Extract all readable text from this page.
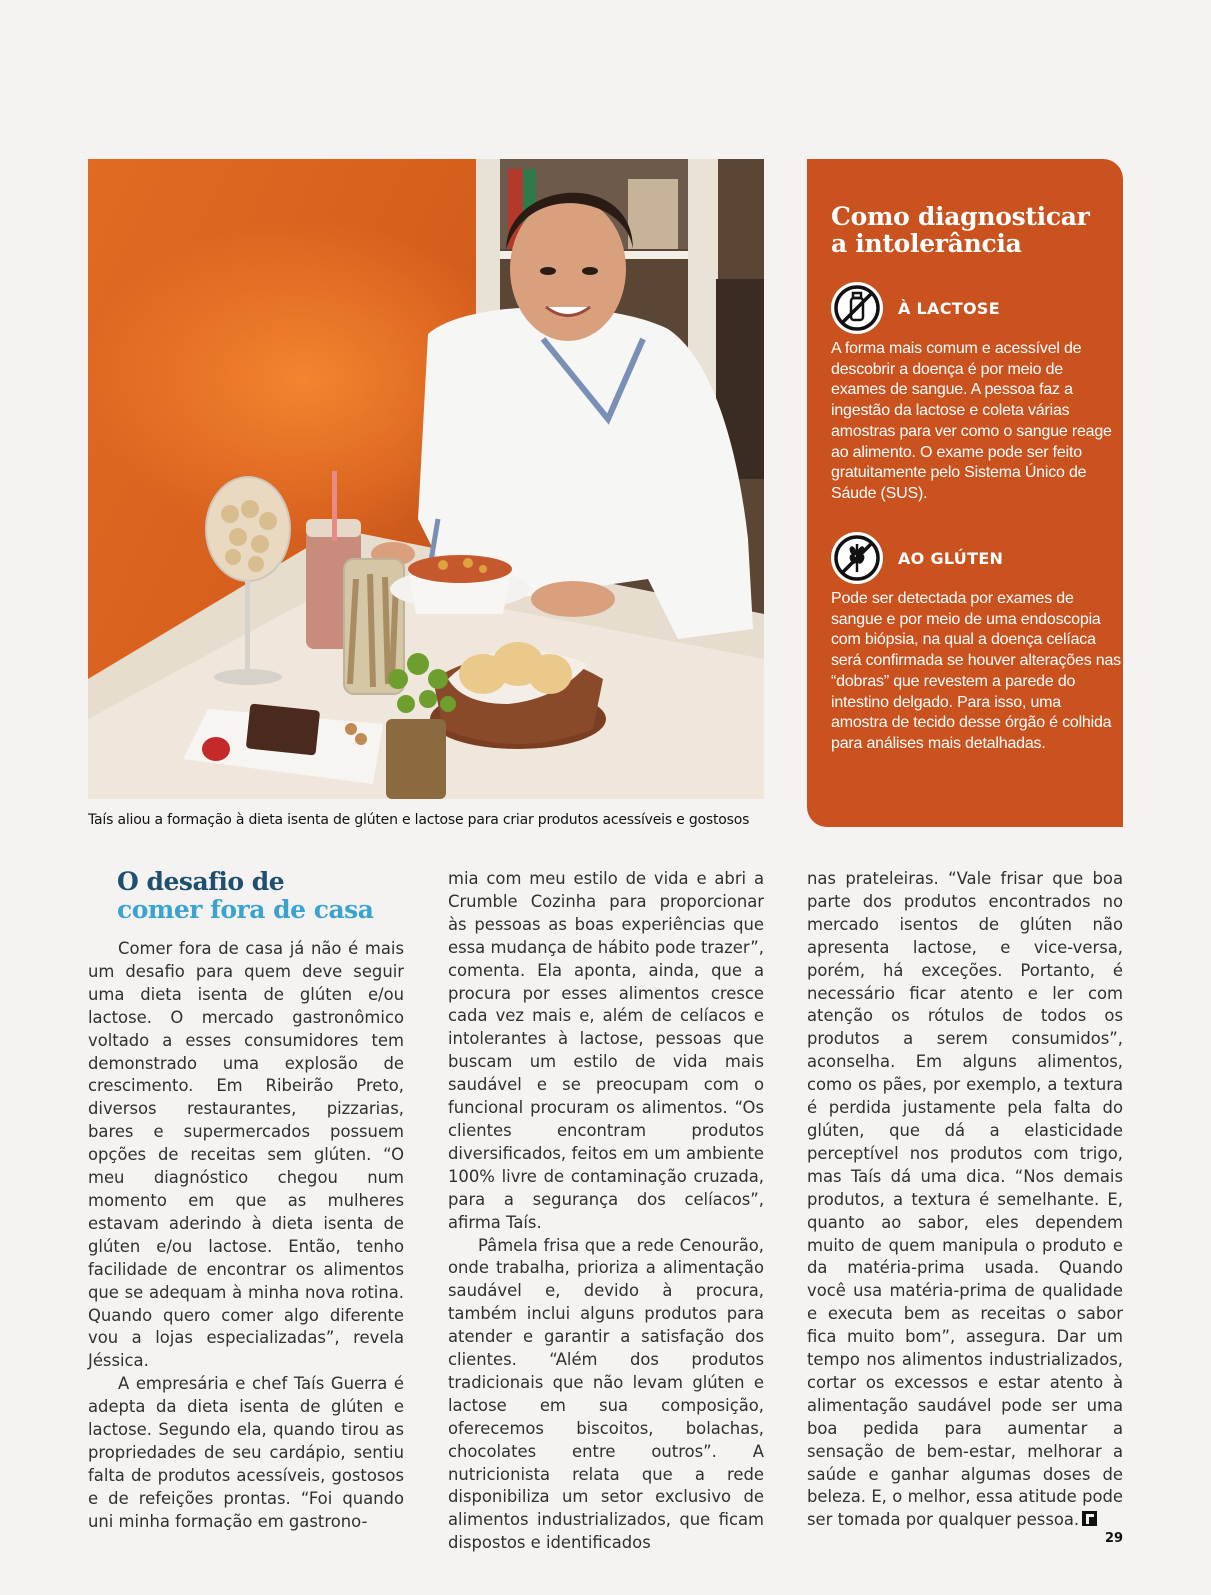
Taís aliou a formação à dieta isenta de glúten e lactose para criar produtos acessíveis e gostosos
Como diagnosticar
a intolerância
À LACTOSE

A forma mais comum e acessível de descobrir a doença é por meio de exames de sangue. A pessoa faz a ingestão da lactose e coleta várias amostras para ver como o sangue reage ao alimento. O exame pode ser feito gratuitamente pelo Sistema Único de Sáude (SUS).

AO GLÚTEN

Pode ser detectada por exames de sangue e por meio de uma endoscopia com biópsia, na qual a doença celíaca será confirmada se houver alterações nas “dobras” que revestem a parede do intestino delgado. Para isso, uma amostra de tecido desse órgão é colhida para análises mais detalhadas.

O desafio de
comer fora de casa

Comer fora de casa já não é mais um desafio para quem deve seguir uma dieta isenta de glúten e/ou lactose. O mercado gastronômico voltado a esses consumidores tem demonstrado uma explosão de crescimento. Em Ribeirão Preto, diversos restaurantes, pizzarias, bares e supermercados possuem opções de receitas sem glúten. “O meu diagnóstico chegou num momento em que as mulheres estavam aderindo à dieta isenta de glúten e/ou lactose. Então, tenho facilidade de encontrar os alimentos que se adequam à minha nova rotina. Quando quero comer algo diferente vou a lojas especializadas”, revela Jéssica.

A empresária e chef Taís Guerra é adepta da dieta isenta de glúten e lactose. Segundo ela, quando tirou as propriedades de seu cardápio, sentiu falta de produtos acessíveis, gostosos e de refeições prontas. “Foi quando uni minha formação em gastrono-

mia com meu estilo de vida e abri a Crumble Cozinha para proporcionar às pessoas as boas experiências que essa mudança de hábito pode trazer”, comenta. Ela aponta, ainda, que a procura por esses alimentos cresce cada vez mais e, além de celíacos e intolerantes à lactose, pessoas que buscam um estilo de vida mais saudável e se preocupam com o funcional procuram os alimentos. “Os clientes encontram produtos diversificados, feitos em um ambiente 100% livre de contaminação cruzada, para a segurança dos celíacos”, afirma Taís.

Pâmela frisa que a rede Cenourão, onde trabalha, prioriza a alimentação saudável e, devido à procura, também inclui alguns produtos para atender e garantir a satisfação dos clientes. “Além dos produtos tradicionais que não levam glúten e lactose em sua composição, oferecemos biscoitos, bolachas, chocolates entre outros”. A nutricionista relata que a rede disponibiliza um setor exclusivo de alimentos industrializados, que ficam dispostos e identificados

nas prateleiras. “Vale frisar que boa parte dos produtos encontrados no mercado isentos de glúten não apresenta lactose, e vice-versa, porém, há exceções. Portanto, é necessário ficar atento e ler com atenção os rótulos de todos os produtos a serem consumidos”, aconselha. Em alguns alimentos, como os pães, por exemplo, a textura é perdida justamente pela falta do glúten, que dá a elasticidade perceptível nos produtos com trigo, mas Taís dá uma dica. “Nos demais produtos, a textura é semelhante. E, quanto ao sabor, eles dependem muito de quem manipula o produto e da matéria-prima usada. Quando você usa matéria-prima de qualidade e executa bem as receitas o sabor fica muito bom”, assegura. Dar um tempo nos alimentos industrializados, cortar os excessos e estar atento à alimentação saudável pode ser uma boa pedida para aumentar a sensação de bem-estar, melhorar a saúde e ganhar algumas doses de beleza. E, o melhor, essa atitude pode ser tomada por qualquer pessoa.

29
